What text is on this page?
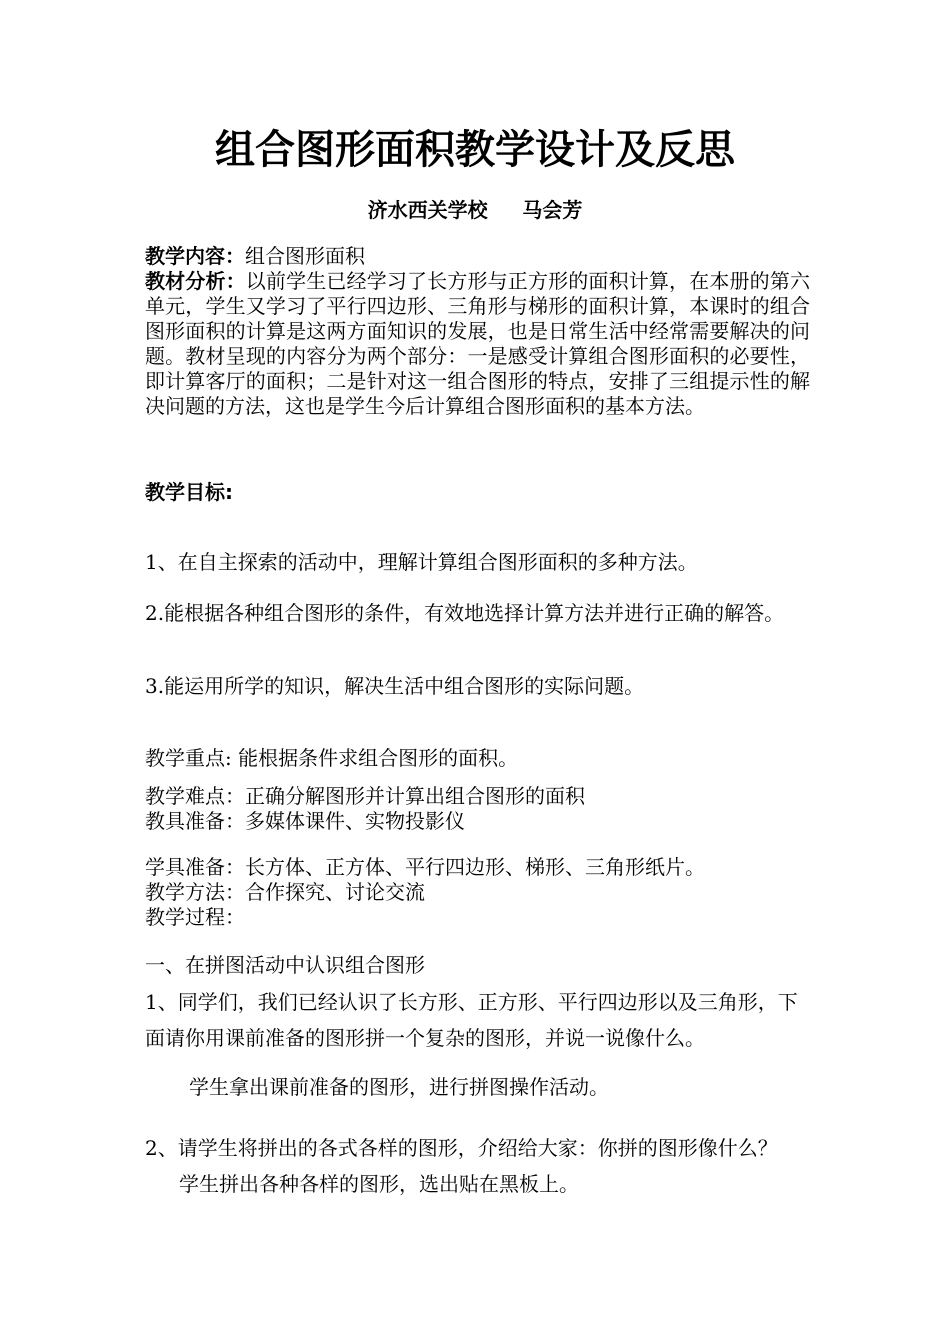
组合图形面积教学设计及反思
济水西关学校     马会芳
教学内容：组合图形面积
教材分析：以前学生已经学习了长方形与正方形的面积计算，在本册的第六单元，学生又学习了平行四边形、三角形与梯形的面积计算，本课时的组合图形面积的计算是这两方面知识的发展，也是日常生活中经常需要解决的问题。教材呈现的内容分为两个部分：一是感受计算组合图形面积的必要性，即计算客厅的面积；二是针对这一组合图形的特点，安排了三组提示性的解决问题的方法，这也是学生今后计算组合图形面积的基本方法。
教学目标:
1、在自主探索的活动中，理解计算组合图形面积的多种方法。
2.能根据各种组合图形的条件，有效地选择计算方法并进行正确的解答。
3.能运用所学的知识，解决生活中组合图形的实际问题。
教学重点: 能根据条件求组合图形的面积。
教学难点：正确分解图形并计算出组合图形的面积
教具准备：多媒体课件、实物投影仪
学具准备：长方体、正方体、平行四边形、梯形、三角形纸片。
教学方法：合作探究、讨论交流
教学过程：
一、在拼图活动中认识组合图形
1、同学们，我们已经认识了长方形、正方形、平行四边形以及三角形，下面请你用课前准备的图形拼一个复杂的图形，并说一说像什么。
学生拿出课前准备的图形，进行拼图操作活动。
2、请学生将拼出的各式各样的图形，介绍给大家：你拼的图形像什么？
学生拼出各种各样的图形，选出贴在黑板上。
